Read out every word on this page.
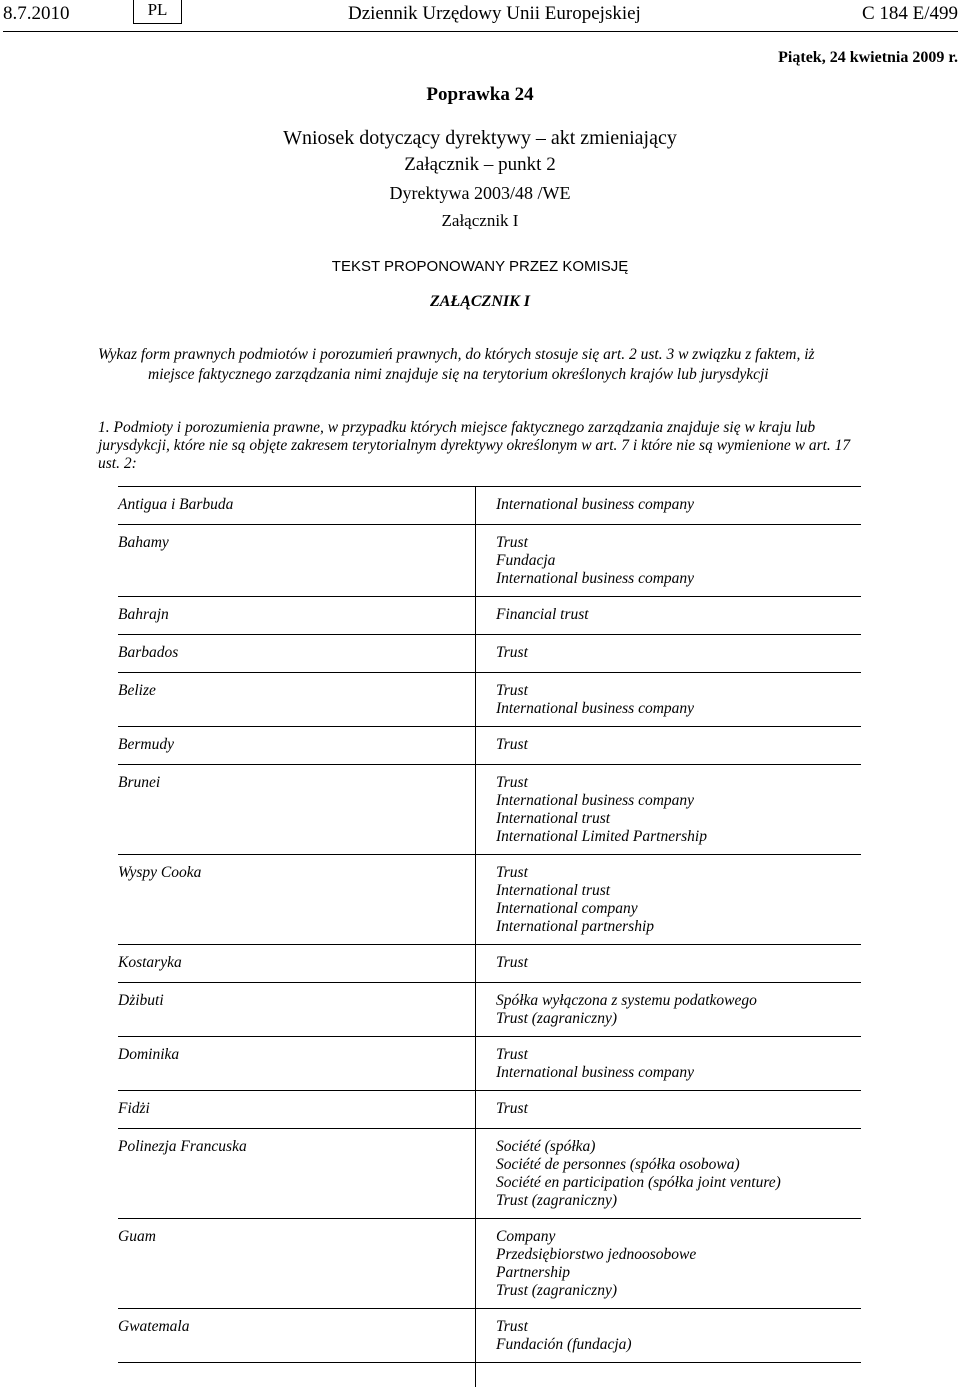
8.7.2010	PL	Dziennik Urzędowy Unii Europejskiej	C 184 E/499
Piątek, 24 kwietnia 2009 r.
Poprawka 24
Wniosek dotyczący dyrektywy – akt zmieniający
Załącznik – punkt 2
Dyrektywa 2003/48 /WE
Załącznik I
TEKST PROPONOWANY PRZEZ KOMISJĘ
ZAŁĄCZNIK I
Wykaz form prawnych podmiotów i porozumień prawnych, do których stosuje się art. 2 ust. 3 w związku z faktem, iż
miejsce faktycznego zarządzania nimi znajduje się na terytorium określonych krajów lub jurysdykcji
1. Podmioty i porozumienia prawne, w przypadku których miejsce faktycznego zarządzania znajduje się w kraju lub jurysdykcji, które nie są objęte zakresem terytorialnym dyrektywy określonym w art. 7 i które nie są wymienione w art. 17 ust. 2:
Antigua i Barbuda	International business company
Bahamy	Trust
Fundacja
International business company
Bahrajn	Financial trust
Barbados	Trust
Belize	Trust
International business company
Bermudy	Trust
Brunei	Trust
International business company
International trust
International Limited Partnership
Wyspy Cooka	Trust
International trust
International company
International partnership
Kostaryka	Trust
Dżibuti	Spółka wyłączona z systemu podatkowego
Trust (zagraniczny)
Dominika	Trust
International business company
Fidżi	Trust
Polinezja Francuska	Société (spółka)
Société de personnes (spółka osobowa)
Société en participation (spółka joint venture)
Trust (zagraniczny)
Guam	Company
Przedsiębiorstwo jednoosobowe
Partnership
Trust (zagraniczny)
Gwatemala	Trust
Fundación (fundacja)
